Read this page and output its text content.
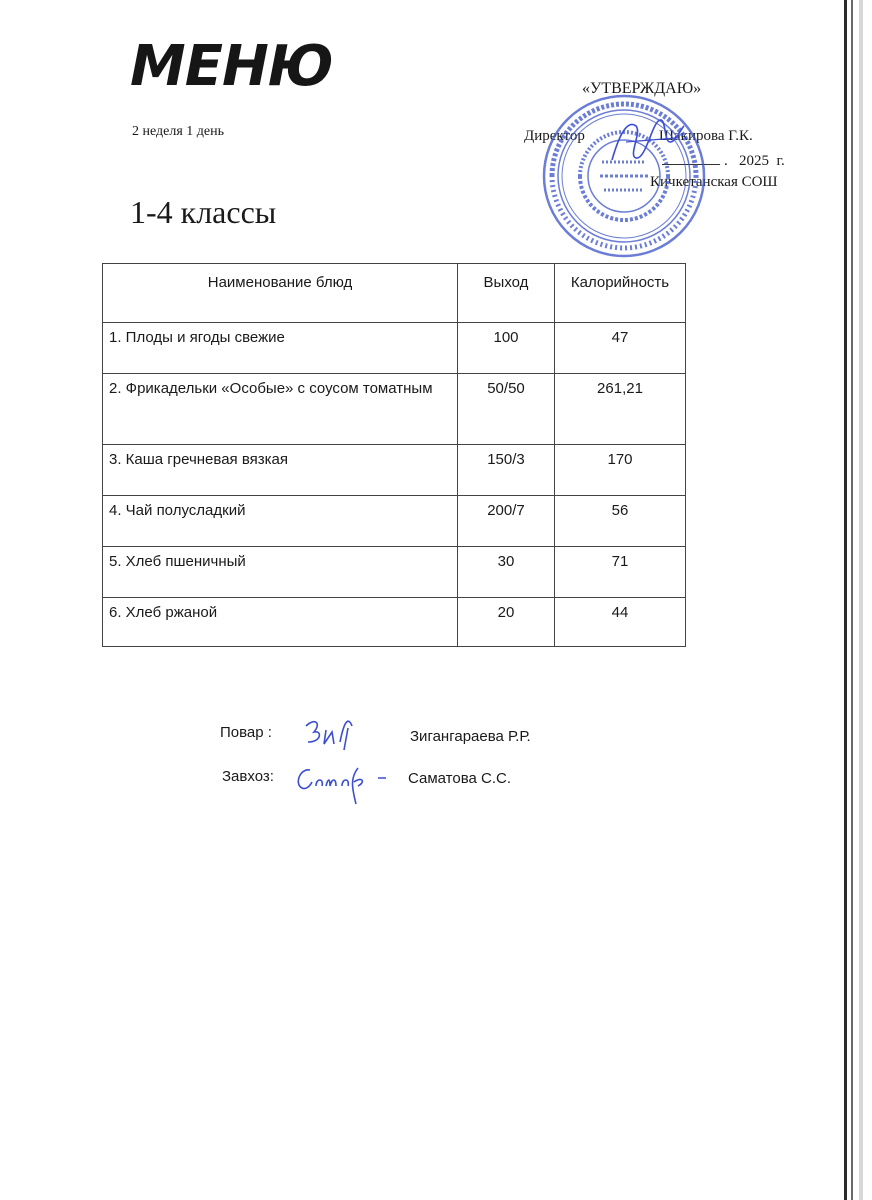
МЕНЮ	«УТВЕРЖДАЮ»
2 неделя 1 день	Директор	Шакирова Г.К.
. 2025 г.
Кичкетанская СОШ
1-4 классы
Наименование блюд	Выход	Калорийность
1. Плоды и ягоды свежие	100	47
2. Фрикадельки «Особые» с соусом томатным	50/50	261,21
3. Каша гречневая вязкая	150/3	170
4. Чай полусладкий	200/7	56
5. Хлеб пшеничный	30	71
6. Хлеб ржаной	20	44
Повар :	Зигангараева Р.Р.
Завхоз:	Саматова С.С.
